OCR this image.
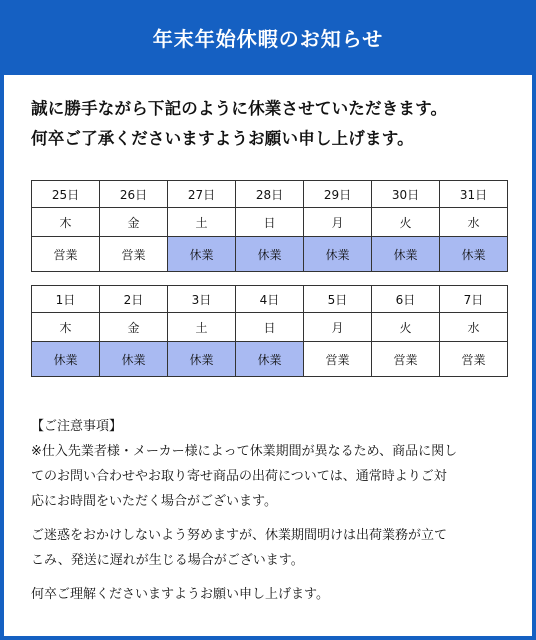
年末年始休暇のお知らせ
誠に勝手ながら下記のように休業させていただきます。
何卒ご了承くださいますようお願い申し上げます。
25日	26日	27日	28日	29日	30日	31日
木	金	土	日	月	火	水
営業	営業	休業	休業	休業	休業	休業
1日	2日	3日	4日	5日	6日	7日
木	金	土	日	月	火	水
休業	休業	休業	休業	営業	営業	営業
【ご注意事項】

※仕入先業者様・メーカー様によって休業期間が異なるため、商品に関し
てのお問い合わせやお取り寄せ商品の出荷については、通常時よりご対
応にお時間をいただく場合がございます。

ご迷惑をおかけしないよう努めますが、休業期間明けは出荷業務が立て
こみ、発送に遅れが生じる場合がございます。

何卒ご理解くださいますようお願い申し上げます。
